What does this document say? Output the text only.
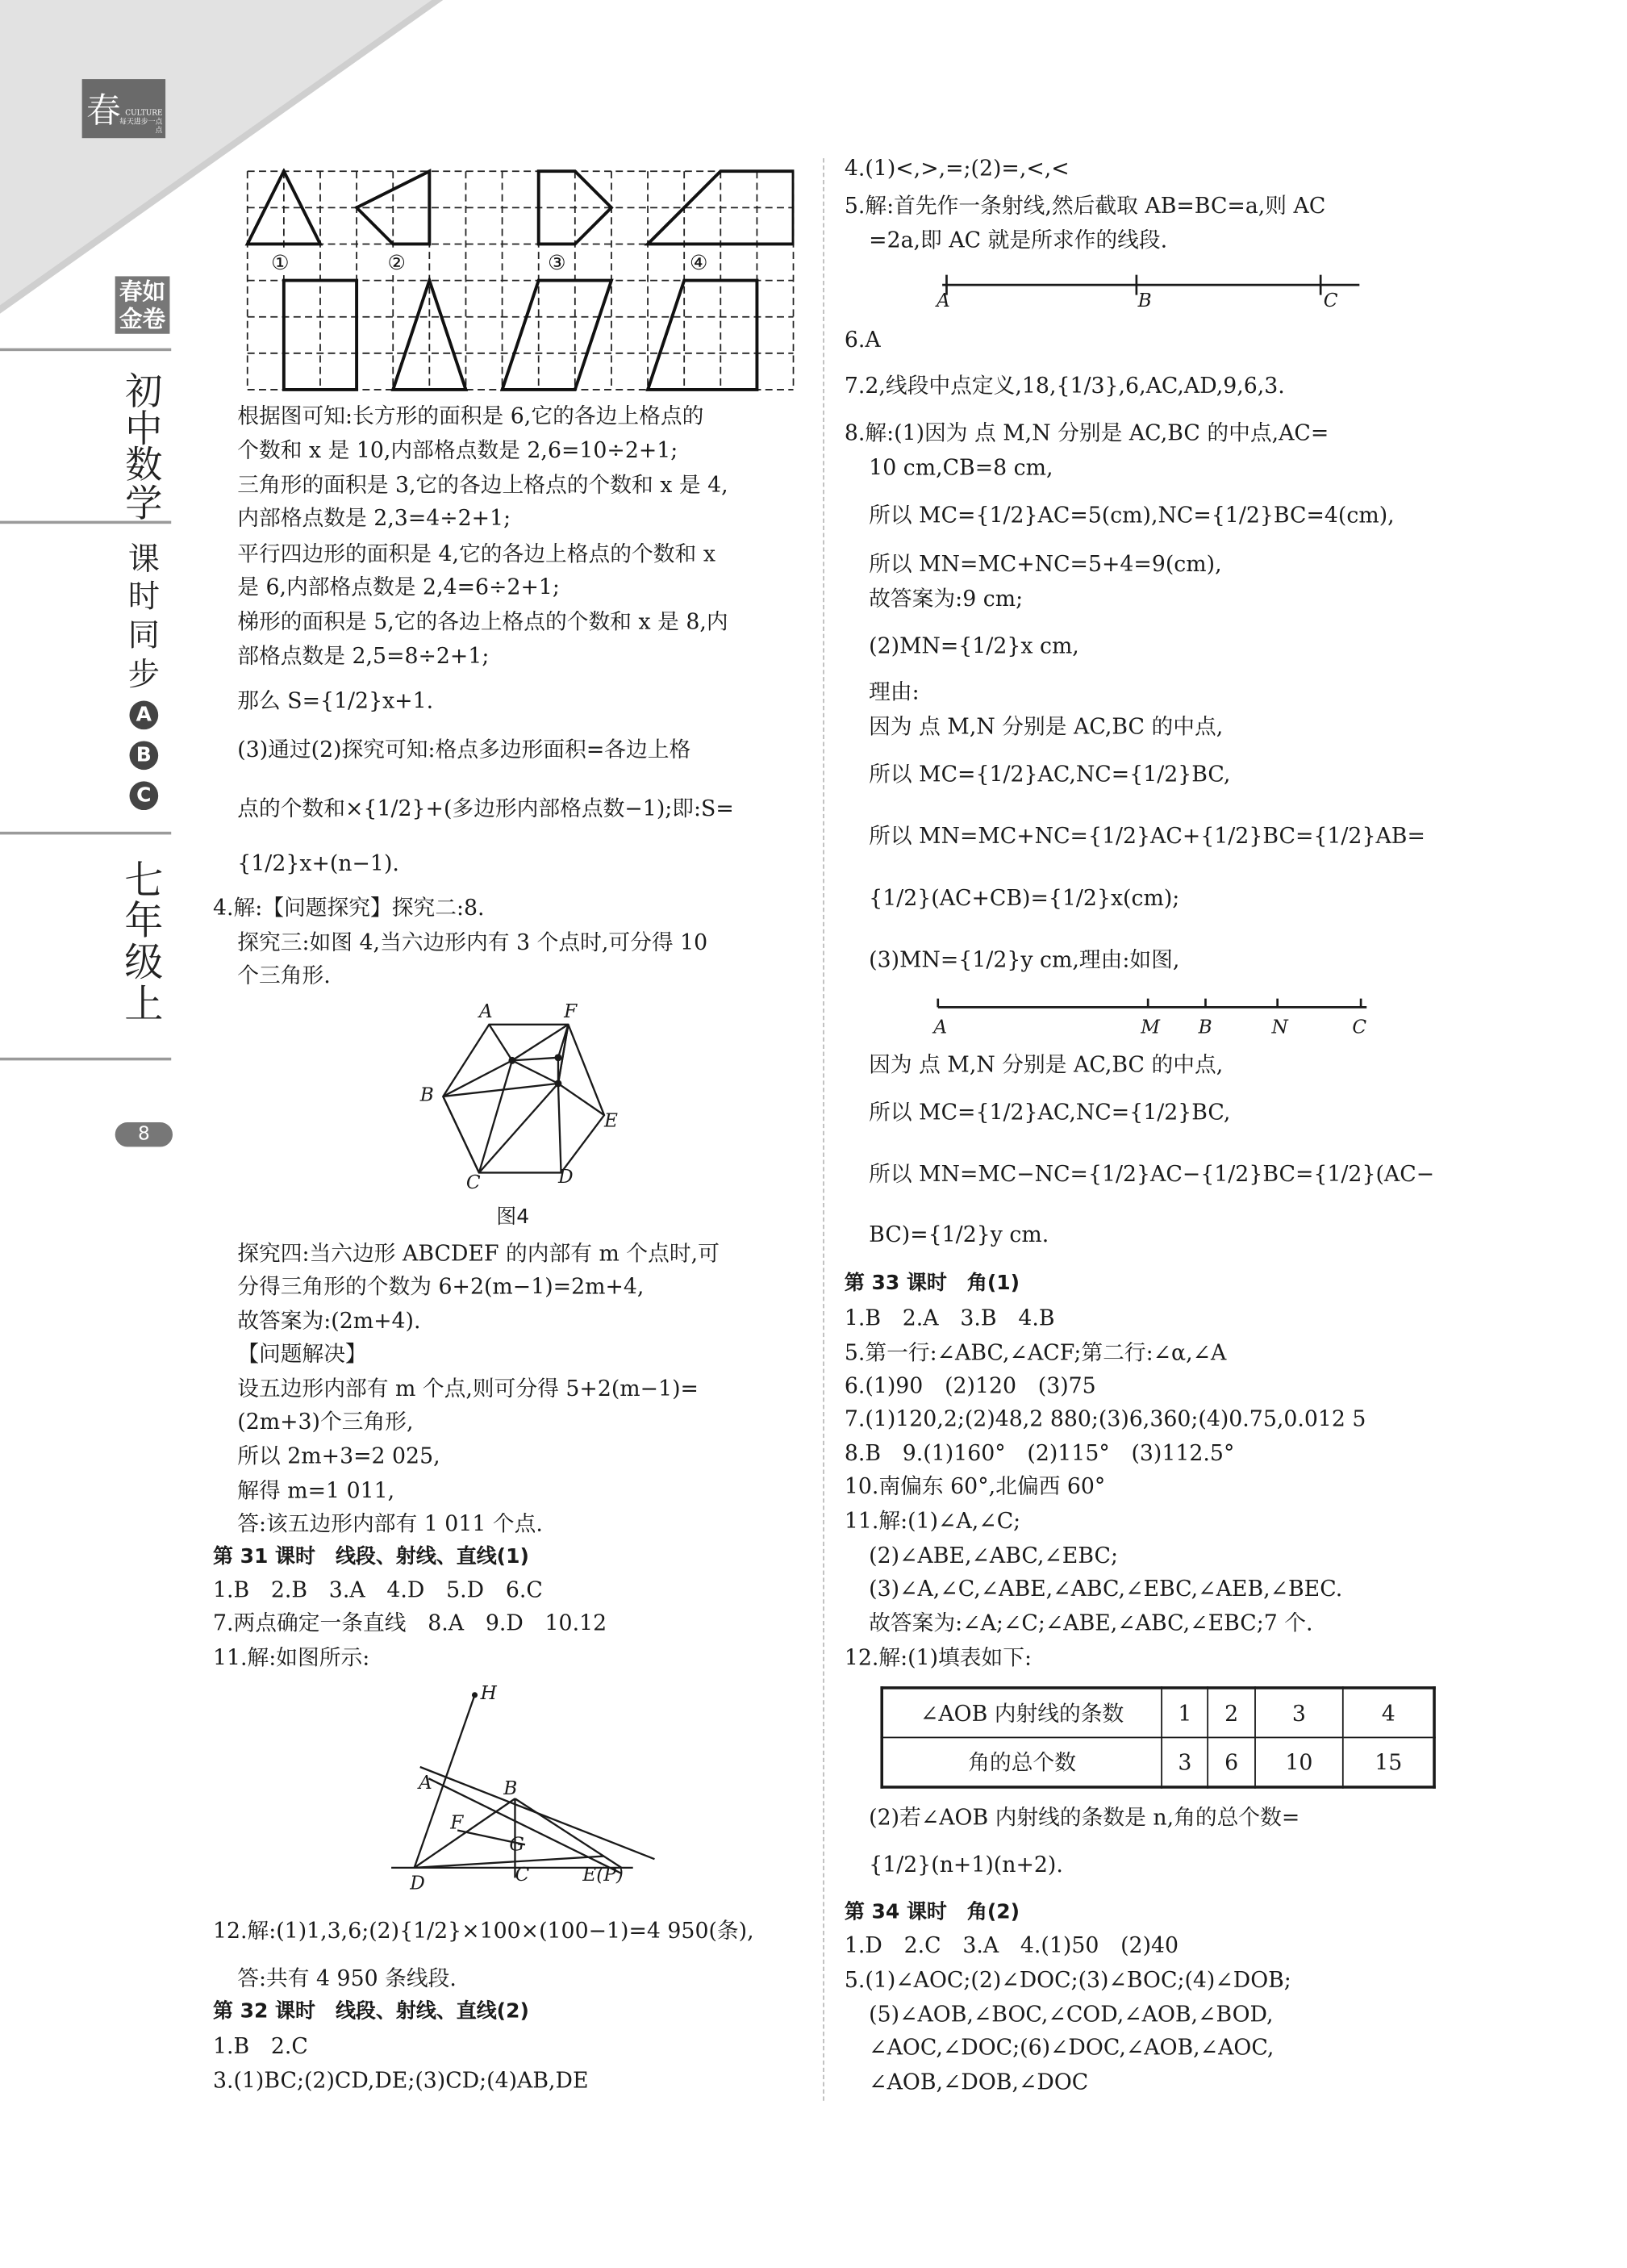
春	CULTURE 每天进步一点点
春如金卷
初
中
数
学
课
时
同
步
A
B
C
七
年
级
上
8
①	②	③	④
A	F
B
E
C	D
图4
H
A	B
F
G
C
D	E(P)
A	B	C
A	M	B	N	C
∠AOB 内射线的条数	1	2	3	4
角的总个数	3	6	10	15
根据图可知:长方形的面积是 6,它的各边上格点的
个数和 x 是 10,内部格点数是 2,6=10÷2+1;
三角形的面积是 3,它的各边上格点的个数和 x 是 4,
内部格点数是 2,3=4÷2+1;
平行四边形的面积是 4,它的各边上格点的个数和 x
是 6,内部格点数是 2,4=6÷2+1;
梯形的面积是 5,它的各边上格点的个数和 x 是 8,内
部格点数是 2,5=8÷2+1;
那么 S={1/2}x+1.
(3)通过(2)探究可知:格点多边形面积=各边上格
点的个数和×{1/2}+(多边形内部格点数−1);即:S=
{1/2}x+(n−1).
4.解:【问题探究】探究二:8.
探究三:如图 4,当六边形内有 3 个点时,可分得 10
个三角形.
探究四:当六边形 ABCDEF 的内部有 m 个点时,可
分得三角形的个数为 6+2(m−1)=2m+4,
故答案为:(2m+4).
【问题解决】
设五边形内部有 m 个点,则可分得 5+2(m−1)=
(2m+3)个三角形,
所以 2m+3=2 025,
解得 m=1 011,
答:该五边形内部有 1 011 个点.
第 31 课时　线段、射线、直线(1)
1.B　2.B　3.A　4.D　5.D　6.C
7.两点确定一条直线　8.A　9.D　10.12
11.解:如图所示:
12.解:(1)1,3,6;(2){1/2}×100×(100−1)=4 950(条),
答:共有 4 950 条线段.
第 32 课时　线段、射线、直线(2)
1.B　2.C
3.(1)BC;(2)CD,DE;(3)CD;(4)AB,DE
4.(1)<,>,=;(2)=,<,<
5.解:首先作一条射线,然后截取 AB=BC=a,则 AC
=2a,即 AC 就是所求作的线段.
6.A
7.2,线段中点定义,18,{1/3},6,AC,AD,9,6,3.
8.解:(1)因为 点 M,N 分别是 AC,BC 的中点,AC=
10 cm,CB=8 cm,
所以 MC={1/2}AC=5(cm),NC={1/2}BC=4(cm),
所以 MN=MC+NC=5+4=9(cm),
故答案为:9 cm;
(2)MN={1/2}x cm,
理由:
因为 点 M,N 分别是 AC,BC 的中点,
所以 MC={1/2}AC,NC={1/2}BC,
所以 MN=MC+NC={1/2}AC+{1/2}BC={1/2}AB=
{1/2}(AC+CB)={1/2}x(cm);
(3)MN={1/2}y cm,理由:如图,
因为 点 M,N 分别是 AC,BC 的中点,
所以 MC={1/2}AC,NC={1/2}BC,
所以 MN=MC−NC={1/2}AC−{1/2}BC={1/2}(AC−
BC)={1/2}y cm.
第 33 课时　角(1)
1.B　2.A　3.B　4.B
5.第一行:∠ABC,∠ACF;第二行:∠α,∠A
6.(1)90　(2)120　(3)75
7.(1)120,2;(2)48,2 880;(3)6,360;(4)0.75,0.012 5
8.B　9.(1)160°　(2)115°　(3)112.5°
10.南偏东 60°,北偏西 60°
11.解:(1)∠A,∠C;
(2)∠ABE,∠ABC,∠EBC;
(3)∠A,∠C,∠ABE,∠ABC,∠EBC,∠AEB,∠BEC.
故答案为:∠A;∠C;∠ABE,∠ABC,∠EBC;7 个.
12.解:(1)填表如下:
(2)若∠AOB 内射线的条数是 n,角的总个数=
{1/2}(n+1)(n+2).
第 34 课时　角(2)
1.D　2.C　3.A　4.(1)50　(2)40
5.(1)∠AOC;(2)∠DOC;(3)∠BOC;(4)∠DOB;
(5)∠AOB,∠BOC,∠COD,∠AOB,∠BOD,
∠AOC,∠DOC;(6)∠DOC,∠AOB,∠AOC,
∠AOB,∠DOB,∠DOC
